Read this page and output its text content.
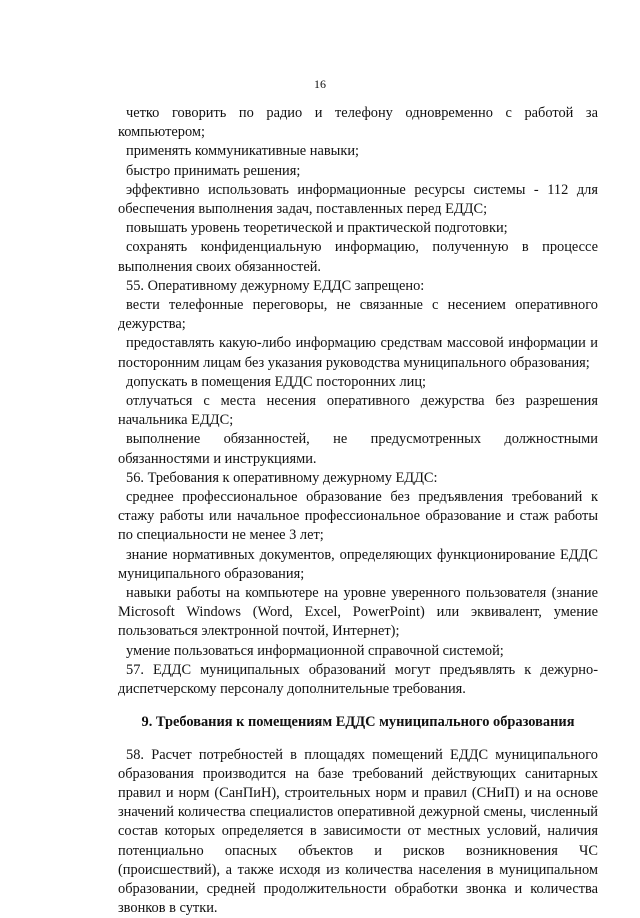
16

четко говорить по радио и телефону одновременно с работой за компьютером;

применять коммуникативные навыки;

быстро принимать решения;

эффективно использовать информационные ресурсы системы - 112 для обеспечения выполнения задач, поставленных перед ЕДДС;

повышать уровень теоретической и практической подготовки;

сохранять конфиденциальную информацию, полученную в процессе выполнения своих обязанностей.

55. Оперативному дежурному ЕДДС запрещено:

вести телефонные переговоры, не связанные с несением оперативного дежурства;

предоставлять какую-либо информацию средствам массовой информации и посторонним лицам без указания руководства муниципального образования;

допускать в помещения ЕДДС посторонних лиц;

отлучаться с места несения оперативного дежурства без разрешения начальника ЕДДС;

выполнение обязанностей, не предусмотренных должностными обязанностями и инструкциями.

56. Требования к оперативному дежурному ЕДДС:

среднее профессиональное образование без предъявления требований к стажу работы или начальное профессиональное образование и стаж работы по специальности не менее 3 лет;

знание нормативных документов, определяющих функционирование ЕДДС муниципального образования;

навыки работы на компьютере на уровне уверенного пользователя (знание Microsoft Windows (Word, Excel, PowerPoint) или эквивалент, умение пользоваться электронной почтой, Интернет);

умение пользоваться информационной справочной системой;

57. ЕДДС муниципальных образований могут предъявлять к дежурно-диспетчерскому персоналу дополнительные требования.

9. Требования к помещениям ЕДДС муниципального образования

58. Расчет потребностей в площадях помещений ЕДДС муниципального образования производится на базе требований действующих санитарных правил и норм (СанПиН), строительных норм и правил (СНиП) и на основе значений количества специалистов оперативной дежурной смены, численный состав которых определяется в зависимости от местных условий, наличия потенциально опасных объектов и рисков возникновения ЧС (происшествий), а также исходя из количества населения в муниципальном образовании, средней продолжительности обработки звонка и количества звонков в сутки.
